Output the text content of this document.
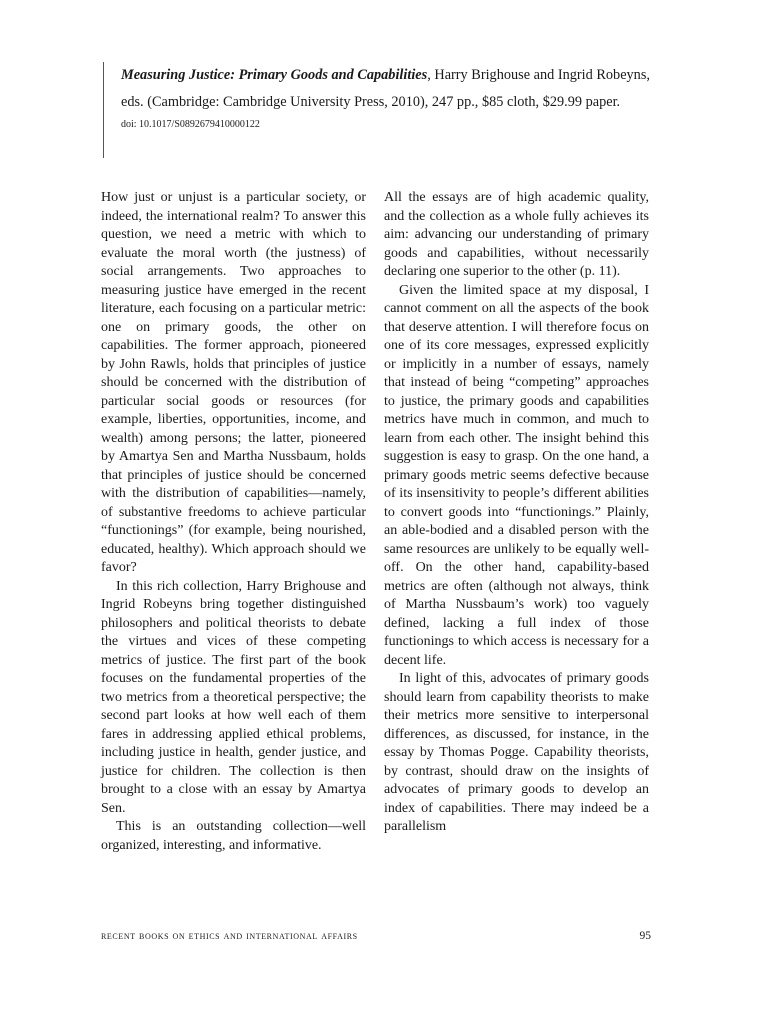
Measuring Justice: Primary Goods and Capabilities, Harry Brighouse and Ingrid Robeyns, eds. (Cambridge: Cambridge University Press, 2010), 247 pp., $85 cloth, $29.99 paper.

doi: 10.1017/S0892679410000122

How just or unjust is a particular society, or indeed, the international realm? To answer this question, we need a metric with which to evaluate the moral worth (the justness) of social arrangements. Two approaches to measuring justice have emerged in the recent literature, each focusing on a particular metric: one on primary goods, the other on capabilities. The former approach, pioneered by John Rawls, holds that principles of justice should be concerned with the distribution of particular social goods or resources (for example, liberties, opportunities, income, and wealth) among persons; the latter, pioneered by Amartya Sen and Martha Nussbaum, holds that principles of justice should be concerned with the distribution of capabilities—namely, of substantive freedoms to achieve particular “functionings” (for example, being nourished, educated, healthy). Which approach should we favor?

In this rich collection, Harry Brighouse and Ingrid Robeyns bring together distinguished philosophers and political theorists to debate the virtues and vices of these competing metrics of justice. The first part of the book focuses on the fundamental properties of the two metrics from a theoretical perspective; the second part looks at how well each of them fares in addressing applied ethical problems, including justice in health, gender justice, and justice for children. The collection is then brought to a close with an essay by Amartya Sen.

This is an outstanding collection—well organized, interesting, and informative.

All the essays are of high academic quality, and the collection as a whole fully achieves its aim: advancing our understanding of primary goods and capabilities, without necessarily declaring one superior to the other (p. 11).

Given the limited space at my disposal, I cannot comment on all the aspects of the book that deserve attention. I will therefore focus on one of its core messages, expressed explicitly or implicitly in a number of essays, namely that instead of being “competing” approaches to justice, the primary goods and capabilities metrics have much in common, and much to learn from each other. The insight behind this suggestion is easy to grasp. On the one hand, a primary goods metric seems defective because of its insensitivity to people’s different abilities to convert goods into “functionings.” Plainly, an able-bodied and a disabled person with the same resources are unlikely to be equally well-off. On the other hand, capability-based metrics are often (although not always, think of Martha Nussbaum’s work) too vaguely defined, lacking a full index of those functionings to which access is necessary for a decent life.

In light of this, advocates of primary goods should learn from capability theorists to make their metrics more sensitive to interpersonal differences, as discussed, for instance, in the essay by Thomas Pogge. Capability theorists, by contrast, should draw on the insights of advocates of primary goods to develop an index of capabilities. There may indeed be a parallelism

recent books on ethics and international affairs	95
